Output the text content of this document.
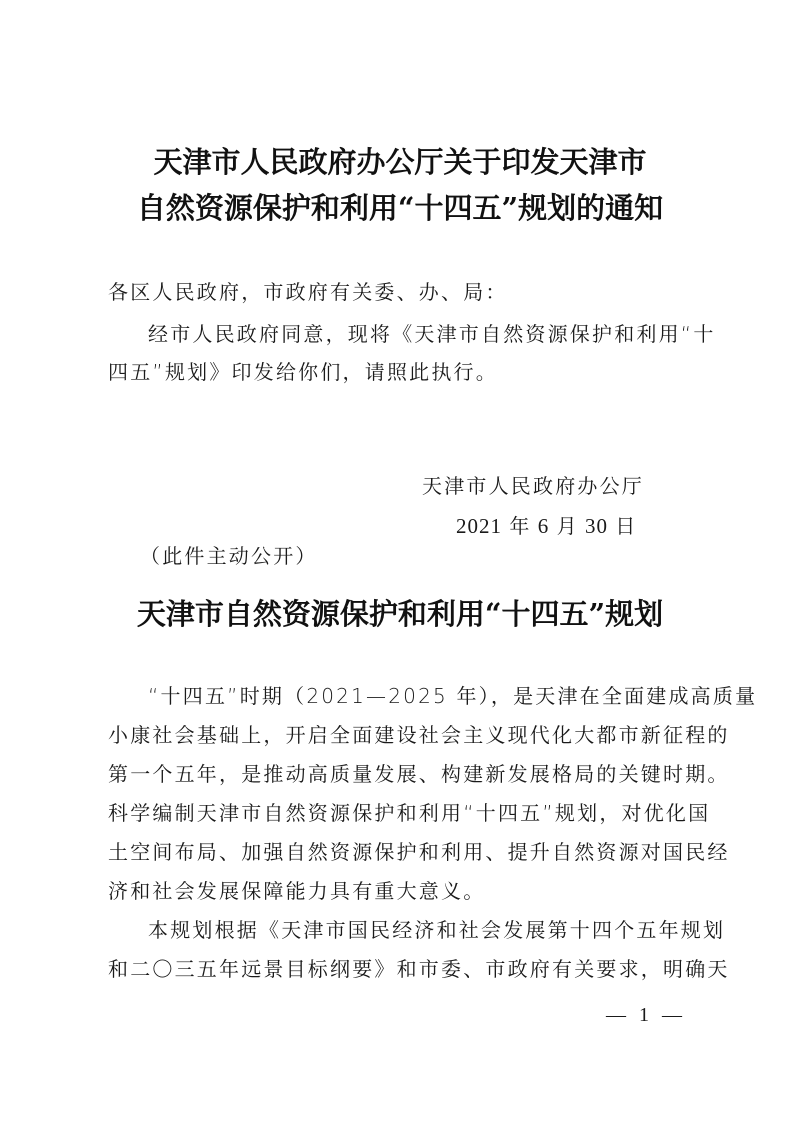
天津市人民政府办公厅关于印发天津市
自然资源保护和利用“十四五”规划的通知
各区人民政府，市政府有关委、办、局：
经市人民政府同意，现将《天津市自然资源保护和利用“十
四五”规划》印发给你们，请照此执行。
天津市人民政府办公厅
2021 年 6 月 30 日
（此件主动公开）
天津市自然资源保护和利用“十四五”规划
“十四五”时期（2021—2025 年），是天津在全面建成高质量
小康社会基础上，开启全面建设社会主义现代化大都市新征程的
第一个五年，是推动高质量发展、构建新发展格局的关键时期。
科学编制天津市自然资源保护和利用“十四五”规划，对优化国
土空间布局、加强自然资源保护和利用、提升自然资源对国民经
济和社会发展保障能力具有重大意义。
本规划根据《天津市国民经济和社会发展第十四个五年规划
和二〇三五年远景目标纲要》和市委、市政府有关要求，明确天
— 1 —
